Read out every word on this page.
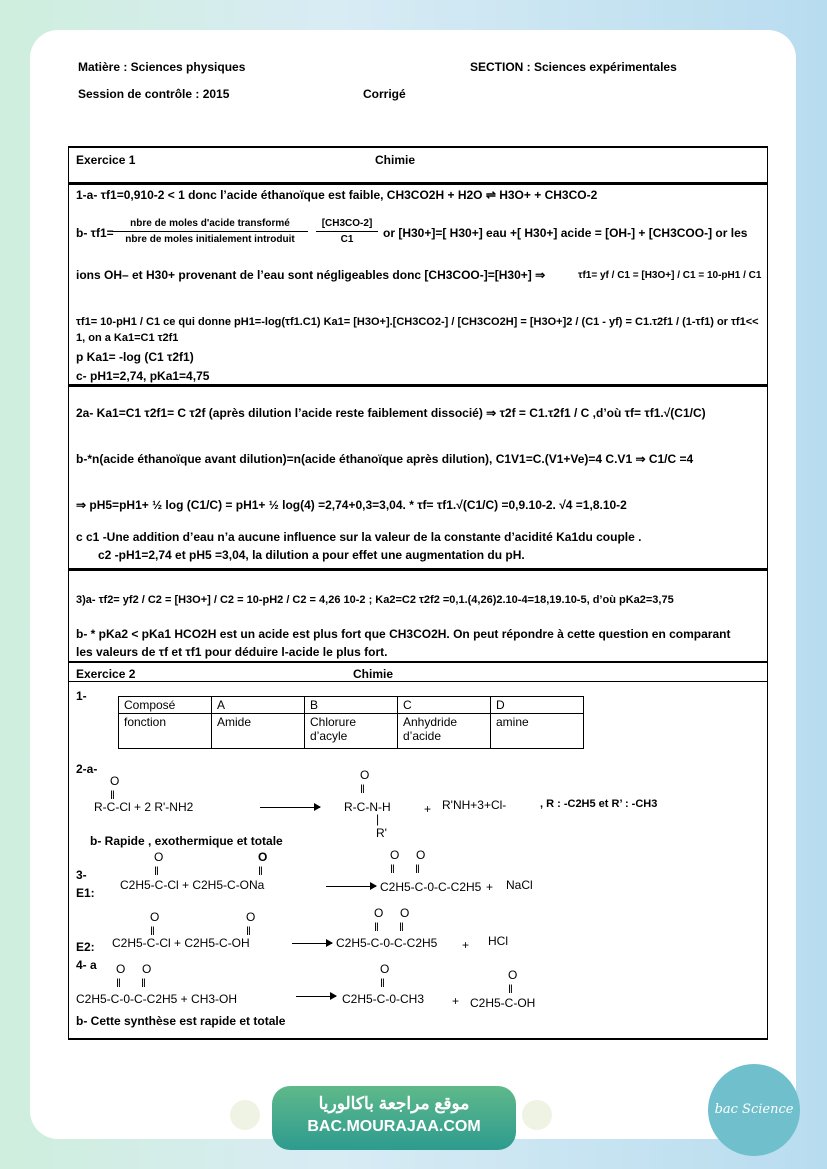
Matière : Sciences physiques	SECTION : Sciences expérimentales
Session de contrôle : 2015	Corrigé
Exercice 1	Chimie
1-a- τf1=0,910-2 < 1 donc l’acide éthanoïque est faible, CH3CO2H + H2O ⇌ H3O+ + CH3CO-2
b- τf1=
nbre de moles d'acide transformé
nbre de moles initialement introduit
[CH3CO-2]
C1	or [H30+]=[ H30+] eau +[ H30+] acide = [OH-] + [CH3COO-] or les
ions OH– et H30+ provenant de l’eau sont négligeables donc [CH3COO-]=[H30+] ⇒	τf1= yf / C1 = [H3O+] / C1 = 10-pH1 / C1
τf1= 10-pH1 / C1 ce qui donne pH1=-log(τf1.C1) Ka1= [H3O+].[CH3CO2-] / [CH3CO2H] = [H3O+]2 / (C1 - yf) = C1.τ2f1 / (1-τf1) or τf1<< 1, on a Ka1=C1 τ2f1
p Ka1= -log (C1 τ2f1)
c- pH1=2,74, pKa1=4,75
2a- Ka1=C1 τ2f1= C τ2f (après dilution l’acide reste faiblement dissocié) ⇒ τ2f = C1.τ2f1 / C ,d’où τf= τf1.√(C1/C)
b-*n(acide éthanoïque avant dilution)=n(acide éthanoïque après dilution), C1V1=C.(V1+Ve)=4 C.V1 ⇒ C1/C =4
⇒ pH5=pH1+ ½ log (C1/C) = pH1+ ½ log(4) =2,74+0,3=3,04. * τf= τf1.√(C1/C) =0,9.10-2. √4 =1,8.10-2
c c1 -Une addition d’eau n’a aucune influence sur la valeur de la constante d’acidité Ka1du couple .
c2 -pH1=2,74 et pH5 =3,04, la dilution a pour effet une augmentation du pH.
3)a- τf2= yf2 / C2 = [H3O+] / C2 = 10-pH2 / C2 = 4,26 10-2 ; Ka2=C2 τ2f2 =0,1.(4,26)2.10-4=18,19.10-5, d’où pKa2=3,75
b- * pKa2 < pKa1 HCO2H est un acide est plus fort que CH3CO2H. On peut répondre à cette question en comparant
les valeurs de τf et τf1 pour déduire l-acide le plus fort.
Exercice 2	Chimie
1-
Composé	A	B	C	D
fonction	Amide	Chlorure d’acyle	Anhydride d’acide	amine
2-a-
O
‖
R-C-Cl + 2 R'-NH2
O
‖
R-C-N-H
|
R'
+ R'NH+3+Cl-	, R : -C2H5 et R’ : -CH3
b- Rapide , exothermique et totale
3-
E1:
O
‖
O
‖
C2H5-C-Cl + C2H5-C-ONa
O     O
‖      ‖
C2H5-C-0-C-C2H5 + NaCl
O
‖
O
‖
E2: C2H5-C-Cl + C2H5-C-OH
O     O
‖      ‖
C2H5-C-0-C-C2H5 + HCl
4- a O     O
‖      ‖
C2H5-C-0-C-C2H5 + CH3-OH
O
‖
C2H5-C-0-CH3 +
O
‖
C2H5-C-OH
b- Cette synthèse est rapide et totale
موقع مراجعة باكالوريا
BAC.MOURAJAA.COM
bac Science
